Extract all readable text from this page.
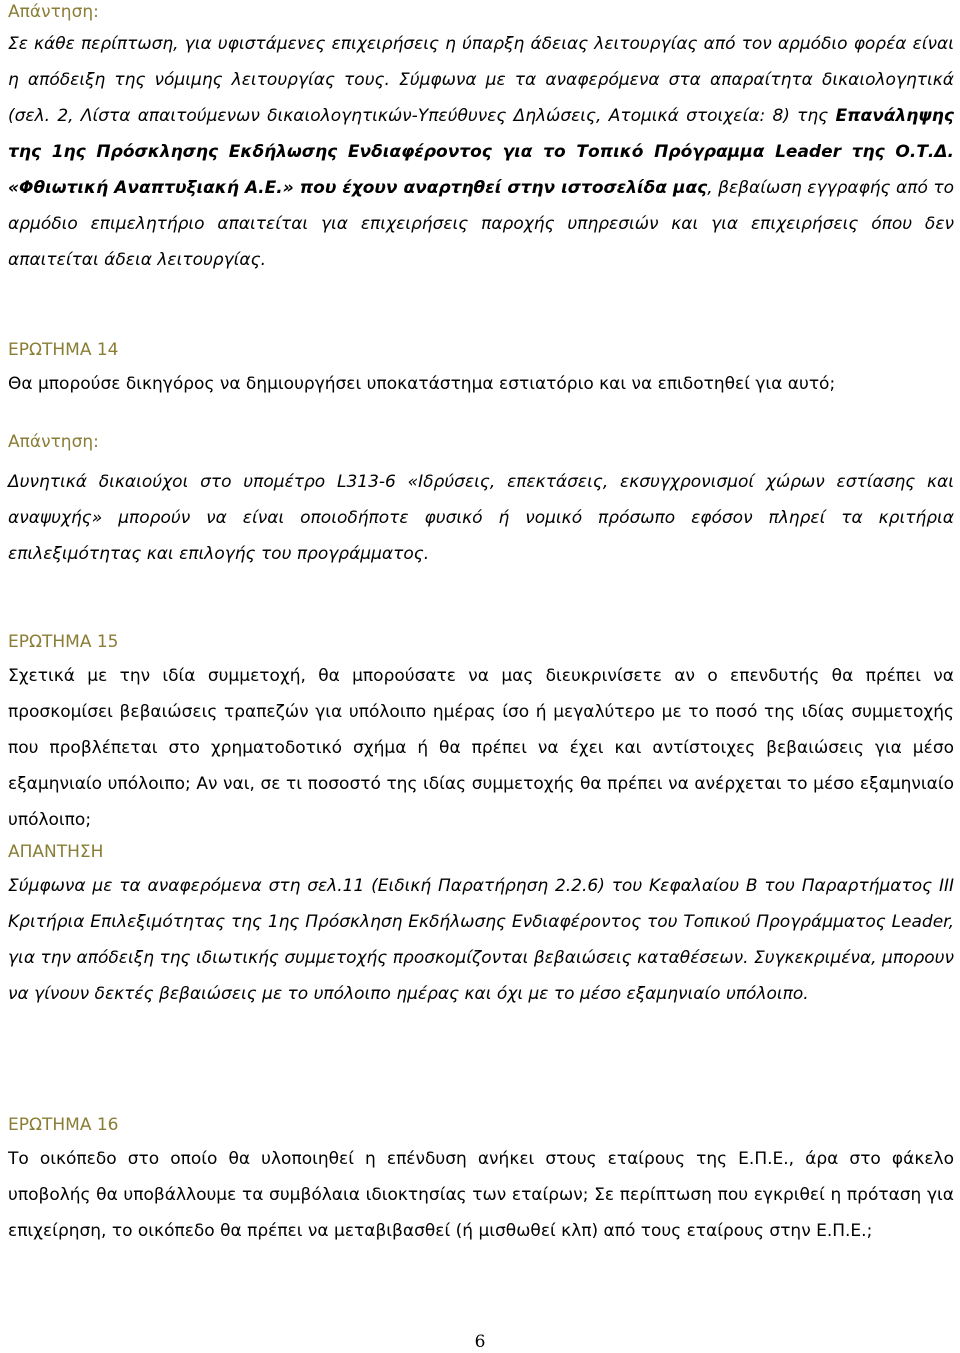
Απάντηση:

Σε κάθε περίπτωση, για υφιστάμενες επιχειρήσεις η ύπαρξη άδειας λειτουργίας από τον αρμόδιο φορέα είναι η απόδειξη της νόμιμης λειτουργίας τους. Σύμφωνα με τα αναφερόμενα στα απαραίτητα δικαιολογητικά (σελ. 2, Λίστα απαιτούμενων δικαιολογητικών-Υπεύθυνες Δηλώσεις, Ατομικά στοιχεία: 8) της Επανάληψης της 1ης Πρόσκλησης Εκδήλωσης Ενδιαφέροντος για το Τοπικό Πρόγραμμα Leader της Ο.Τ.Δ. «Φθιωτική Αναπτυξιακή Α.Ε.» που έχουν αναρτηθεί στην ιστοσελίδα μας, βεβαίωση εγγραφής από το αρμόδιο επιμελητήριο απαιτείται για επιχειρήσεις παροχής υπηρεσιών και για επιχειρήσεις όπου δεν απαιτείται άδεια λειτουργίας.

ΕΡΩΤΗΜΑ 14

Θα μπορούσε δικηγόρος να δημιουργήσει υποκατάστημα εστιατόριο και να επιδοτηθεί για αυτό;

Απάντηση:

Δυνητικά δικαιούχοι στο υπομέτρο L313-6 «Ιδρύσεις, επεκτάσεις, εκσυγχρονισμοί χώρων εστίασης και αναψυχής» μπορούν να είναι οποιοδήποτε φυσικό ή νομικό πρόσωπο εφόσον πληρεί τα κριτήρια επιλεξιμότητας και επιλογής του προγράμματος.

ΕΡΩΤΗΜΑ 15

Σχετικά με την ιδία συμμετοχή, θα μπορούσατε να μας διευκρινίσετε αν ο επενδυτής θα πρέπει να προσκομίσει βεβαιώσεις τραπεζών για υπόλοιπο ημέρας ίσο ή μεγαλύτερο με το ποσό της ιδίας συμμετοχής που προβλέπεται στο χρηματοδοτικό σχήμα ή θα πρέπει να έχει και αντίστοιχες βεβαιώσεις για μέσο εξαμηνιαίο υπόλοιπο; Αν ναι, σε τι ποσοστό της ιδίας συμμετοχής θα πρέπει να ανέρχεται το μέσο εξαμηνιαίο υπόλοιπο;

ΑΠΑΝΤΗΣΗ

Σύμφωνα με τα αναφερόμενα στη σελ.11 (Ειδική Παρατήρηση 2.2.6) του Κεφαλαίου Β του Παραρτήματος ΙΙΙ Κριτήρια Επιλεξιμότητας της 1ης Πρόσκληση Εκδήλωσης Ενδιαφέροντος του Τοπικού Προγράμματος Leader, για την απόδειξη της ιδιωτικής συμμετοχής προσκομίζονται βεβαιώσεις καταθέσεων. Συγκεκριμένα, μπορουν να γίνουν δεκτές βεβαιώσεις με το υπόλοιπο ημέρας και όχι με το μέσο εξαμηνιαίο υπόλοιπο.

ΕΡΩΤΗΜΑ 16

Το οικόπεδο στο οποίο θα υλοποιηθεί η επένδυση ανήκει στους εταίρους της Ε.Π.Ε., άρα στο φάκελο υποβολής θα υποβάλλουμε τα συμβόλαια ιδιοκτησίας των εταίρων; Σε περίπτωση που εγκριθεί η πρόταση για επιχείρηση, το οικόπεδο θα πρέπει να μεταβιβασθεί (ή μισθωθεί κλπ) από τους εταίρους στην Ε.Π.Ε.;

6
